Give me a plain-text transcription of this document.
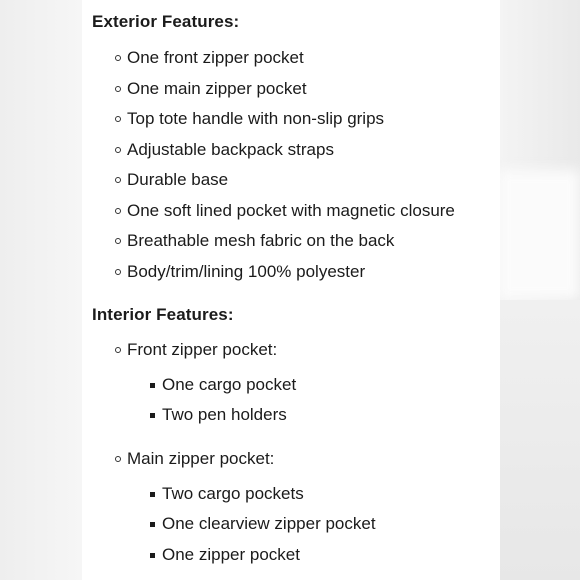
Exterior Features:
One front zipper pocket
One main zipper pocket
Top tote handle with non-slip grips
Adjustable backpack straps
Durable base
One soft lined pocket with magnetic closure
Breathable mesh fabric on the back
Body/trim/lining 100% polyester
Interior Features:
Front zipper pocket:
One cargo pocket
Two pen holders
Main zipper pocket:
Two cargo pockets
One clearview zipper pocket
One zipper pocket
